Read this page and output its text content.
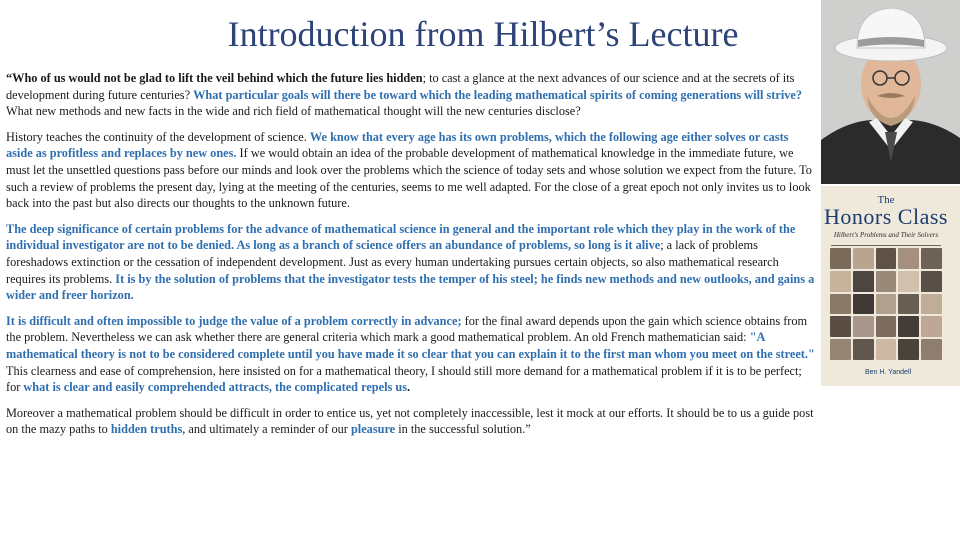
Introduction from Hilbert’s Lecture

“Who of us would not be glad to lift the veil behind which the future lies hidden; to cast a glance at the next advances of our science and at the secrets of its development during future centuries? What particular goals will there be toward which the leading mathematical spirits of coming generations will strive? What new methods and new facts in the wide and rich field of mathematical thought will the new centuries disclose?

History teaches the continuity of the development of science. We know that every age has its own problems, which the following age either solves or casts aside as profitless and replaces by new ones. If we would obtain an idea of the probable development of mathematical knowledge in the immediate future, we must let the unsettled questions pass before our minds and look over the problems which the science of today sets and whose solution we expect from the future. To such a review of problems the present day, lying at the meeting of the centuries, seems to me well adapted. For the close of a great epoch not only invites us to look back into the past but also directs our thoughts to the unknown future.

The deep significance of certain problems for the advance of mathematical science in general and the important role which they play in the work of the individual investigator are not to be denied. As long as a branch of science offers an abundance of problems, so long is it alive; a lack of problems foreshadows extinction or the cessation of independent development. Just as every human undertaking pursues certain objects, so also mathematical research requires its problems. It is by the solution of problems that the investigator tests the temper of his steel; he finds new methods and new outlooks, and gains a wider and freer horizon.

It is difficult and often impossible to judge the value of a problem correctly in advance; for the final award depends upon the gain which science obtains from the problem. Nevertheless we can ask whether there are general criteria which mark a good mathematical problem. An old French mathematician said: "A mathematical theory is not to be considered complete until you have made it so clear that you can explain it to the first man whom you meet on the street." This clearness and ease of comprehension, here insisted on for a mathematical theory, I should still more demand for a mathematical problem if it is to be perfect; for what is clear and easily comprehended attracts, the complicated repels us.

Moreover a mathematical problem should be difficult in order to entice us, yet not completely inaccessible, lest it mock at our efforts. It should be to us a guide post on the mazy paths to hidden truths, and ultimately a reminder of our pleasure in the successful solution.”

The
Honors Class
Hilbert's Problems and Their Solvers
Ben H. Yandell
